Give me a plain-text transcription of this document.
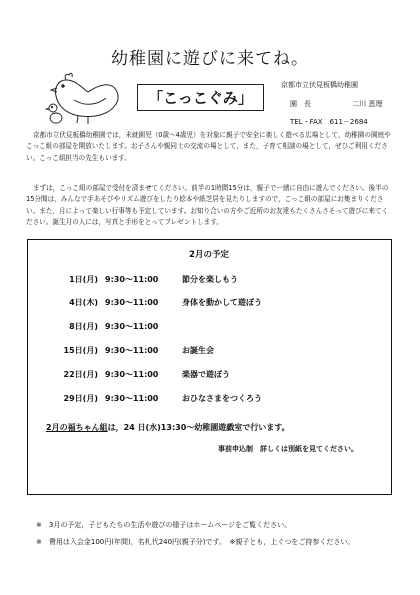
幼稚園に遊びに来てね。
「こっこぐみ」
京都市立伏見板橋幼稚園
園　長	二川 恵理
TEL・FAX　611－2684
京都市立伏見板橋幼稚園では，未就園児（0歳～4歳児）を対象に親子で安全に楽しく遊べる広場として，幼稚園の園庭やこっこ組の部屋を開放いたします。お子さんや親同士の交流の場として，また，子育て相談の場として，ぜひご利用ください。こっこ組担当の先生もいます。
まずは，こっこ組の部屋で受付を済ませてください。前半の1時間15分は，親子で一緒に自由に遊んでください。後半の15分間は，みんなで手あそびやリズム遊びをしたり絵本や紙芝居を見たりしますので，こっこ組の部屋にお集まりください。また，月によって楽しい行事等も予定しています。お知り合いの方やご近所のお友達もたくさんさそって遊びに来てください。誕生月の人には，写真と手形をとってプレゼントします。
2月の予定
1日(月) 9:30～11:00	節分を楽しもう
4日(木) 9:30～11:00	身体を動かして遊ぼう
8日(月) 9:30～11:00
15日(月) 9:30～11:00	お誕生会
22日(月) 9:30～11:00	楽器で遊ぼう
29日(月) 9:30～11:00	おひなさまをつくろう
2月の福ちゃん組は，24 日(水)13:30～幼稚園遊戯室で行います。
事前申込制　詳しくは別紙を見てください。
※　3月の予定，子どもたちの生活や遊びの様子はホームページをご覧ください。
※　費用は入会金100円(年間)，名札代240円(親子分)です。　※親子とも，上ぐつをご持参ください。
